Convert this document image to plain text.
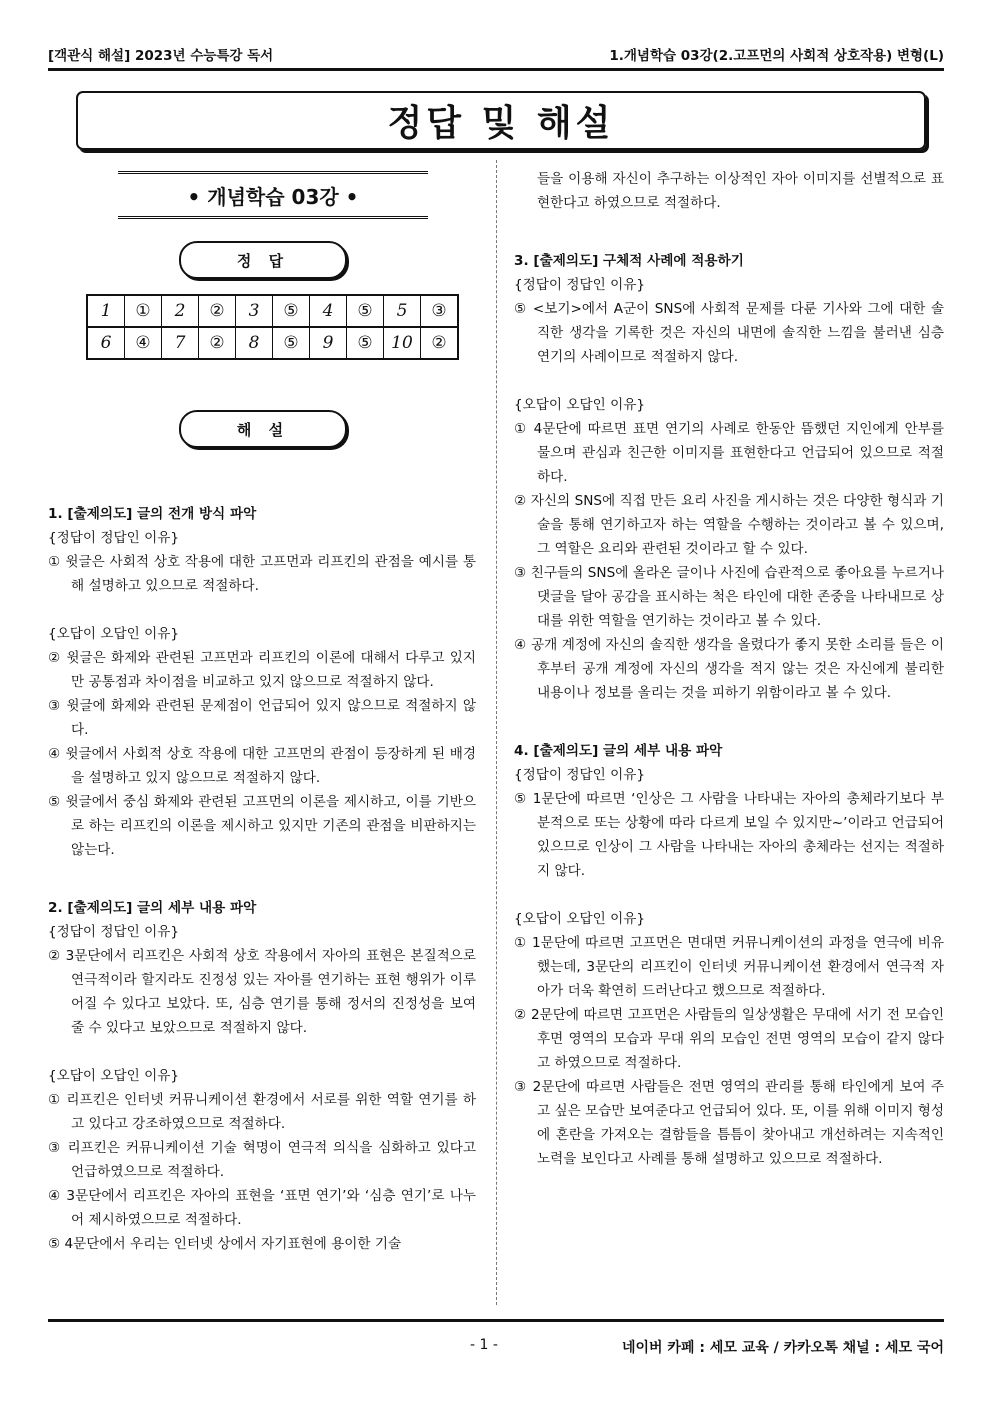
[객관식 해설] 2023년 수능특강 독서	1.개념학습 03강(2.고프먼의 사회적 상호작용) 변형(L)
정답 및 해설
• 개념학습 03강 •
정 답
1	①	2	②	3	⑤	4	⑤	5	③
6	④	7	②	8	⑤	9	⑤	10	②
해 설

1. [출제의도] 글의 전개 방식 파악

{정답이 정답인 이유}

① 윗글은 사회적 상호 작용에 대한 고프먼과 리프킨의 관점을 예시를 통해 설명하고 있으므로 적절하다.

{오답이 오답인 이유}

② 윗글은 화제와 관련된 고프먼과 리프킨의 이론에 대해서 다루고 있지만 공통점과 차이점을 비교하고 있지 않으므로 적절하지 않다.

③ 윗글에 화제와 관련된 문제점이 언급되어 있지 않으므로 적절하지 않다.

④ 윗글에서 사회적 상호 작용에 대한 고프먼의 관점이 등장하게 된 배경을 설명하고 있지 않으므로 적절하지 않다.

⑤ 윗글에서 중심 화제와 관련된 고프먼의 이론을 제시하고, 이를 기반으로 하는 리프킨의 이론을 제시하고 있지만 기존의 관점을 비판하지는 않는다.

2. [출제의도] 글의 세부 내용 파악

{정답이 정답인 이유}

② 3문단에서 리프킨은 사회적 상호 작용에서 자아의 표현은 본질적으로 연극적이라 할지라도 진정성 있는 자아를 연기하는 표현 행위가 이루어질 수 있다고 보았다. 또, 심층 연기를 통해 정서의 진정성을 보여줄 수 있다고 보았으므로 적절하지 않다.

{오답이 오답인 이유}

① 리프킨은 인터넷 커뮤니케이션 환경에서 서로를 위한 역할 연기를 하고 있다고 강조하였으므로 적절하다.

③ 리프킨은 커뮤니케이션 기술 혁명이 연극적 의식을 심화하고 있다고 언급하였으므로 적절하다.

④ 3문단에서 리프킨은 자아의 표현을 ‘표면 연기’와 ‘심층 연기’로 나누어 제시하였으므로 적절하다.

⑤ 4문단에서 우리는 인터넷 상에서 자기표현에 용이한 기술

들을 이용해 자신이 추구하는 이상적인 자아 이미지를 선별적으로 표현한다고 하였으므로 적절하다.

3. [출제의도] 구체적 사례에 적용하기

{정답이 정답인 이유}

⑤ <보기>에서 A군이 SNS에 사회적 문제를 다룬 기사와 그에 대한 솔직한 생각을 기록한 것은 자신의 내면에 솔직한 느낌을 불러낸 심층 연기의 사례이므로 적절하지 않다.

{오답이 오답인 이유}

① 4문단에 따르면 표면 연기의 사례로 한동안 뜸했던 지인에게 안부를 물으며 관심과 친근한 이미지를 표현한다고 언급되어 있으므로 적절하다.

② 자신의 SNS에 직접 만든 요리 사진을 게시하는 것은 다양한 형식과 기술을 통해 연기하고자 하는 역할을 수행하는 것이라고 볼 수 있으며, 그 역할은 요리와 관련된 것이라고 할 수 있다.

③ 친구들의 SNS에 올라온 글이나 사진에 습관적으로 좋아요를 누르거나 댓글을 달아 공감을 표시하는 척은 타인에 대한 존중을 나타내므로 상대를 위한 역할을 연기하는 것이라고 볼 수 있다.

④ 공개 계정에 자신의 솔직한 생각을 올렸다가 좋지 못한 소리를 들은 이후부터 공개 계정에 자신의 생각을 적지 않는 것은 자신에게 불리한 내용이나 정보를 올리는 것을 피하기 위함이라고 볼 수 있다.

4. [출제의도] 글의 세부 내용 파악

{정답이 정답인 이유}

⑤ 1문단에 따르면 ‘인상은 그 사람을 나타내는 자아의 총체라기보다 부분적으로 또는 상황에 따라 다르게 보일 수 있지만~’이라고 언급되어 있으므로 인상이 그 사람을 나타내는 자아의 총체라는 선지는 적절하지 않다.

{오답이 오답인 이유}

① 1문단에 따르면 고프먼은 면대면 커뮤니케이션의 과정을 연극에 비유했는데, 3문단의 리프킨이 인터넷 커뮤니케이션 환경에서 연극적 자아가 더욱 확연히 드러난다고 했으므로 적절하다.

② 2문단에 따르면 고프먼은 사람들의 일상생활은 무대에 서기 전 모습인 후면 영역의 모습과 무대 위의 모습인 전면 영역의 모습이 같지 않다고 하였으므로 적절하다.

③ 2문단에 따르면 사람들은 전면 영역의 관리를 통해 타인에게 보여 주고 싶은 모습만 보여준다고 언급되어 있다. 또, 이를 위해 이미지 형성에 혼란을 가져오는 결함들을 틈틈이 찾아내고 개선하려는 지속적인 노력을 보인다고 사례를 통해 설명하고 있으므로 적절하다.

- 1 -	네이버 카페 : 세모 교육 / 카카오톡 채널 : 세모 국어
